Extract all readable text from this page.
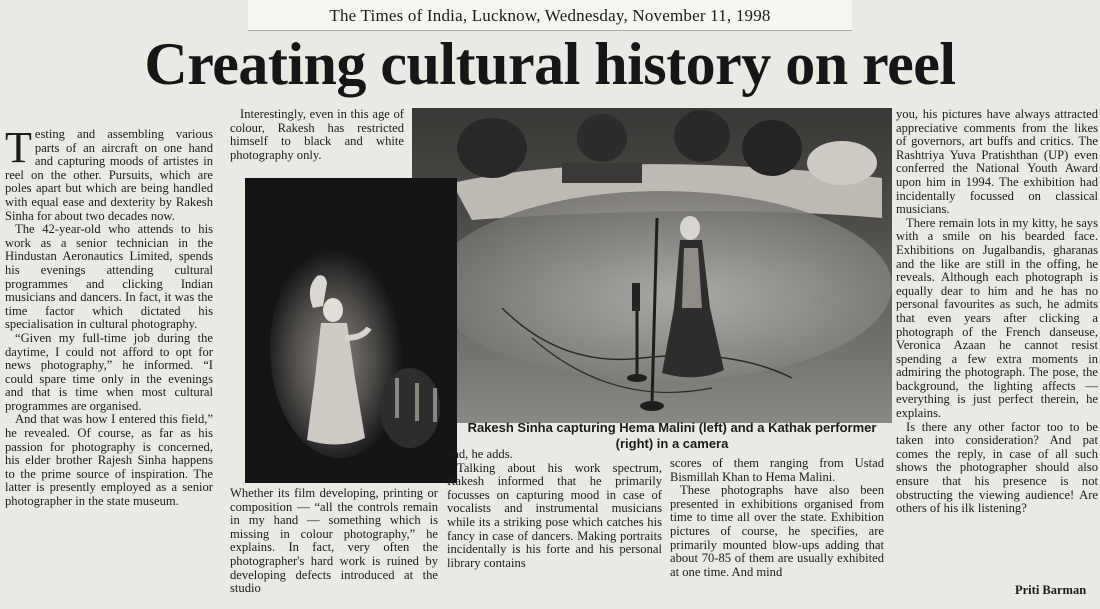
The Times of India, Lucknow, Wednesday, November 11, 1998
Creating cultural history on reel

Testing and assembling various parts of an aircraft on one hand and capturing moods of artistes in reel on the other. Pursuits, which are poles apart but which are being handled with equal ease and dexterity by Rakesh Sinha for about two decades now.

The 42-year-old who attends to his work as a senior technician in the Hindustan Aeronautics Limited, spends his evenings attending cultural programmes and clicking Indian musicians and dancers. In fact, it was the time factor which dictated his specialisation in cultural photography.

“Given my full-time job during the daytime, I could not afford to opt for news photography,” he informed. “I could spare time only in the evenings and that is time when most cultural programmes are organised.

And that was how I entered this field,” he revealed. Of course, as far as his passion for photography is concerned, his elder brother Rajesh Sinha happens to the prime source of inspiration. The latter is presently employed as a senior photographer in the state museum.

Interestingly, even in this age of colour, Rakesh has restricted himself to black and white photography only.

Rakesh Sinha capturing Hema Malini (left) and a Kathak performer (right) in a camera

Whether its film developing, printing or composition — “all the controls remain in my hand — something which is missing in colour photography,” he explains. In fact, very often the photographer's hard work is ruined by developing defects introduced at the studio

end, he adds.

Talking about his work spectrum, Rakesh informed that he primarily focusses on capturing mood in case of vocalists and instrumental musicians while its a striking pose which catches his fancy in case of dancers. Making portraits incidentally is his forte and his personal library contains

scores of them ranging from Ustad Bismillah Khan to Hema Malini.

These photographs have also been presented in exhibitions organised from time to time all over the state. Exhibition pictures of course, he specifies, are primarily mounted blow-ups adding that about 70-85 of them are usually exhibited at one time. And mind

you, his pictures have always attracted appreciative comments from the likes of governors, art buffs and critics. The Rashtriya Yuva Pratishthan (UP) even conferred the National Youth Award upon him in 1994. The exhibition had incidentally focussed on classical musicians.

There remain lots in my kitty, he says with a smile on his bearded face. Exhibitions on Jugalbandis, gharanas and the like are still in the offing, he reveals. Although each photograph is equally dear to him and he has no personal favourites as such, he admits that even years after clicking a photograph of the French danseuse, Veronica Azaan he cannot resist spending a few extra moments in admiring the photograph. The pose, the background, the lighting affects — everything is just perfect therein, he explains.

Is there any other factor too to be taken into consideration? And pat comes the reply, in case of all such shows the photographer should also ensure that his presence is not obstructing the viewing audience! Are others of his ilk listening?

Priti Barman
